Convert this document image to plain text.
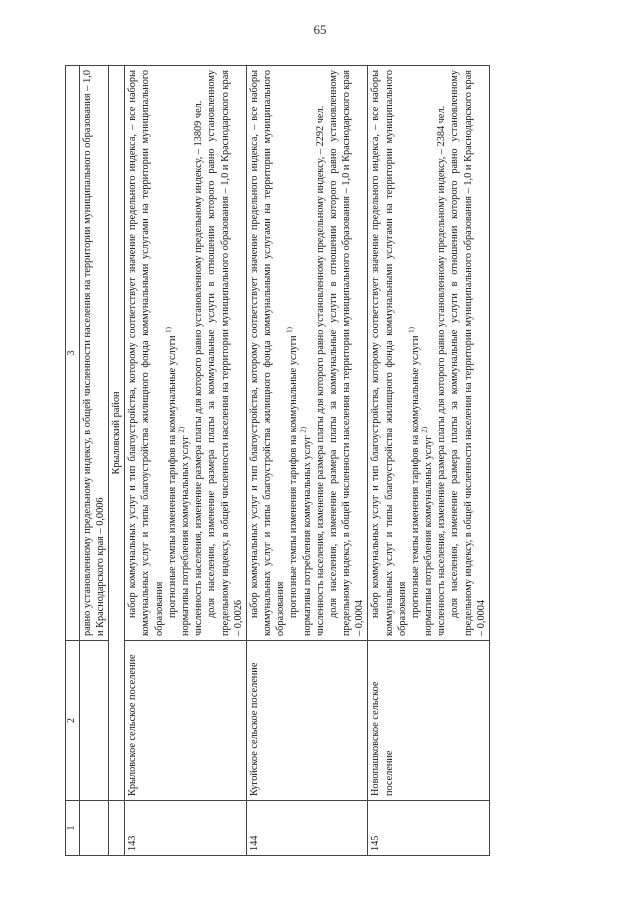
65
1	2	3

		равно установленному предельному индексу, в общей численности населения на территории муниципального образования – 1,0 и Краснодарского края – 0,0006

	Крыловский район	
143	Крыловское сельское поселение	набор коммунальных услуг и тип благоустройства, которому соответствует значение предельного индекса, – все наборы коммунальных услуг и типы благоустройства жилищного фонда коммунальными услугами на территории муниципального образования прогнозные темпы изменения тарифов на коммунальные услуги $^{1)}$
нормативы потребления коммунальных услуг $^{2)}$ численность населения, изменение размера платы для которого равно установленному предельному индексу, – 13809 чел. доля населения, изменение размера платы за коммунальные услуги в отношении которого равно установленному предельному индексу, в общей численности населения на территории муниципального образования – 1,0 и Краснодарского края – 0,0026

144	Кугойское сельское поселение	набор коммунальных услуг и тип благоустройства, которому соответствует значение предельного индекса, – все наборы коммунальных услуг и типы благоустройства жилищного фонда коммунальными услугами на территории муниципального образования прогнозные темпы изменения тарифов на коммунальные услуги $^{1)}$
нормативы потребления коммунальных услуг $^{2)}$ численность населения, изменение размера платы для которого равно установленному предельному индексу, – 2292 чел. доля населения, изменение размера платы за коммунальные услуги в отношении которого равно установленному предельному индексу, в общей численности населения на территории муниципального образования – 1,0 и Краснодарского края – 0,0004

145	Новопашковское сельское поселение	набор коммунальных услуг и тип благоустройства, которому соответствует значение предельного индекса, – все наборы коммунальных услуг и типы благоустройства жилищного фонда коммунальными услугами на территории муниципального образования прогнозные темпы изменения тарифов на коммунальные услуги $^{1)}$
нормативы потребления коммунальных услуг $^{2)}$ численность населения, изменение размера платы для которого равно установленному предельному индексу, – 2384 чел. доля населения, изменение размера платы за коммунальные услуги в отношении которого равно установленному предельному индексу, в общей численности населения на территории муниципального образования – 1,0 и Краснодарского края – 0,0004
